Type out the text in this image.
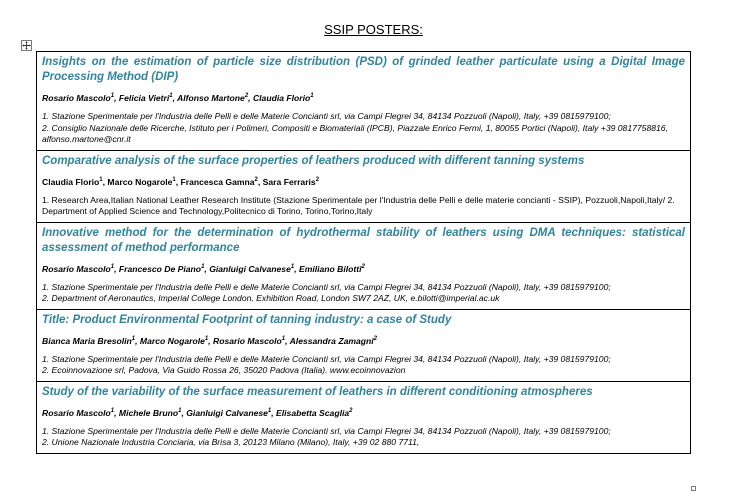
SSIP POSTERS:

Insights on the estimation of particle size distribution (PSD) of grinded leather particulate using a Digital Image Processing Method (DIP)

Rosario Mascolo$^1$, Felicia Vietri$^1$, Alfonso Martone$^2$, Claudia Florio$^1$

1. Stazione Sperimentale per l'Industria delle Pelli e delle Materie Concianti srl, via Campi Flegrei 34, 84134 Pozzuoli (Napoli), Italy, +39 0815979100;

2. Consiglio Nazionale delle Ricerche, Istituto per i Polimeri, Compositi e Biomateriali (IPCB), Piazzale Enrico Fermi, 1, 80055 Portici (Napoli), Italy +39 0817758816, alfonso.martone@cnr.it

Comparative analysis of the surface properties of leathers produced with different tanning systems

Claudia Florio$^1$, Marco Nogarole$^1$, Francesca Gamna$^2$, Sara Ferraris$^2$

1. Research Area,Italian National Leather Research Institute (Stazione Sperimentale per l'Industria delle Pelli e delle materie concianti - SSIP), Pozzuoli,Napoli,Italy/ 2. Department of Applied Science and Technology,Politecnico di Torino, Torino,Torino,Italy

Innovative method for the determination of hydrothermal stability of leathers using DMA techniques: statistical assessment of method performance

Rosario Mascolo$^1$, Francesco De Piano$^1$, Gianluigi Calvanese$^1$, Emiliano Bilotti$^2$

1. Stazione Sperimentale per l'Industria delle Pelli e delle Materie Concianti srl, via Campi Flegrei 34, 84134 Pozzuoli (Napoli), Italy, +39 0815979100;

2. Department of Aeronautics, Imperial College London, Exhibition Road, London SW7 2AZ, UK, e.bilotti@imperial.ac.uk

Title: Product Environmental Footprint of tanning industry: a case of Study

Bianca Maria Bresolin$^1$, Marco Nogarole$^1$, Rosario Mascolo$^1$, Alessandra Zamagni$^2$

1. Stazione Sperimentale per l'Industria delle Pelli e delle Materie Concianti srl, via Campi Flegrei 34, 84134 Pozzuoli (Napoli), Italy, +39 0815979100;

2. Ecoinnovazione srl, Padova, Via Guido Rossa 26, 35020 Padova (Italia). www.ecoinnovazion

Study of the variability of the surface measurement of leathers in different conditioning atmospheres

Rosario Mascolo$^1$, Michele Bruno$^1$, Gianluigi Calvanese$^1$, Elisabetta Scaglia$^2$

1. Stazione Sperimentale per l'Industria delle Pelli e delle Materie Concianti srl, via Campi Flegrei 34, 84134 Pozzuoli (Napoli), Italy, +39 0815979100;

2. Unione Nazionale Industria Conciaria, via Brisa 3, 20123 Milano (Milano), Italy, +39 02 880 7711,
